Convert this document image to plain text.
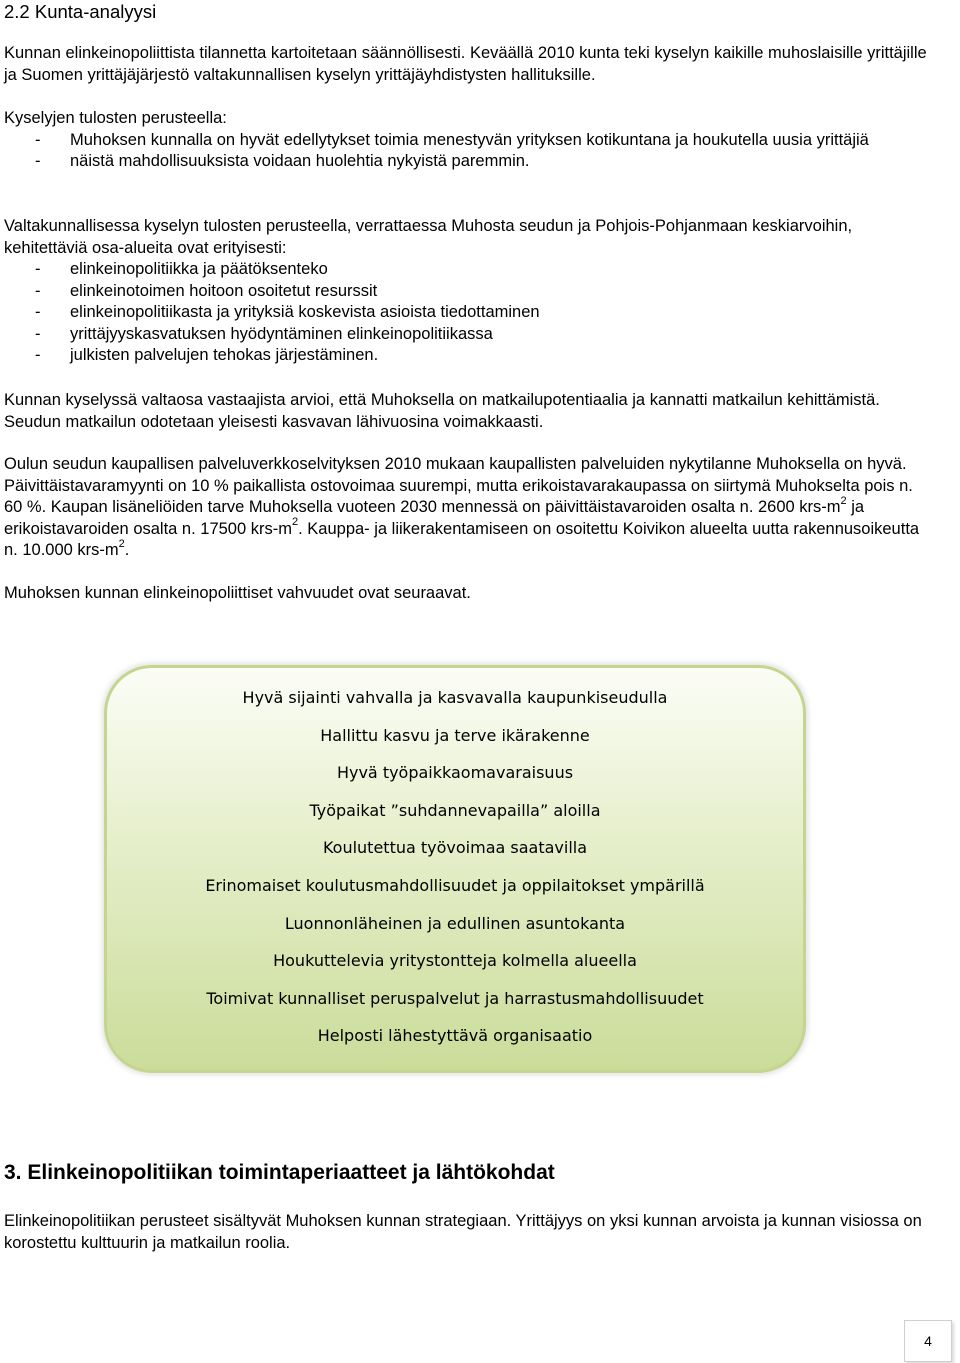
2.2 Kunta-analyysi
Kunnan elinkeinopoliittista tilannetta kartoitetaan säännöllisesti. Keväällä 2010 kunta teki kyselyn kaikille muhoslaisille yrittäjille ja Suomen yrittäjäjärjestö valtakunnallisen kyselyn yrittäjäyhdistysten hallituksille.
Kyselyjen tulosten perusteella:
- Muhoksen kunnalla on hyvät edellytykset toimia menestyvän yrityksen kotikuntana ja houkutella uusia yrittäjiä
- näistä mahdollisuuksista voidaan huolehtia nykyistä paremmin.
Valtakunnallisessa kyselyn tulosten perusteella, verrattaessa Muhosta seudun ja Pohjois-Pohjanmaan keskiarvoihin, kehitettäviä osa-alueita ovat erityisesti:
- elinkeinopolitiikka ja päätöksenteko
- elinkeinotoimen hoitoon osoitetut resurssit
- elinkeinopolitiikasta ja yrityksiä koskevista asioista tiedottaminen
- yrittäjyyskasvatuksen hyödyntäminen elinkeinopolitiikassa
- julkisten palvelujen tehokas järjestäminen.
Kunnan kyselyssä valtaosa vastaajista arvioi, että Muhoksella on matkailupotentiaalia ja kannatti matkailun kehittämistä. Seudun matkailun odotetaan yleisesti kasvavan lähivuosina voimakkaasti.
Oulun seudun kaupallisen palveluverkkoselvityksen 2010 mukaan kaupallisten palveluiden nykytilanne Muhoksella on hyvä. Päivittäistavaramyynti on 10 % paikallista ostovoimaa suurempi, mutta erikoistavarakaupassa on siirtymä Muhokselta pois n. 60 %. Kaupan lisäneliöiden tarve Muhoksella vuoteen 2030 mennessä on päivittäistavaroiden osalta n. 2600 krs-$m^2$ ja erikoistavaroiden osalta n. 17500 krs-$m^2$. Kauppa- ja liikerakentamiseen on osoitettu Koivikon alueelta uutta rakennusoikeutta n. 10.000 krs-$m^2$.
Muhoksen kunnan elinkeinopoliittiset vahvuudet ovat seuraavat.
Hyvä sijainti vahvalla ja kasvavalla kaupunkiseudulla
Hallittu kasvu ja terve ikärakenne
Hyvä työpaikkaomavaraisuus
Työpaikat ”suhdannevapailla” aloilla
Koulutettua työvoimaa saatavilla
Erinomaiset koulutusmahdollisuudet ja oppilaitokset ympärillä
Luonnonläheinen ja edullinen asuntokanta
Houkuttelevia yritystontteja kolmella alueella
Toimivat kunnalliset peruspalvelut ja harrastusmahdollisuudet
Helposti lähestyttävä organisaatio
3. Elinkeinopolitiikan toimintaperiaatteet ja lähtökohdat
Elinkeinopolitiikan perusteet sisältyvät Muhoksen kunnan strategiaan. Yrittäjyys on yksi kunnan arvoista ja kunnan visiossa on korostettu kulttuurin ja matkailun roolia.
4
